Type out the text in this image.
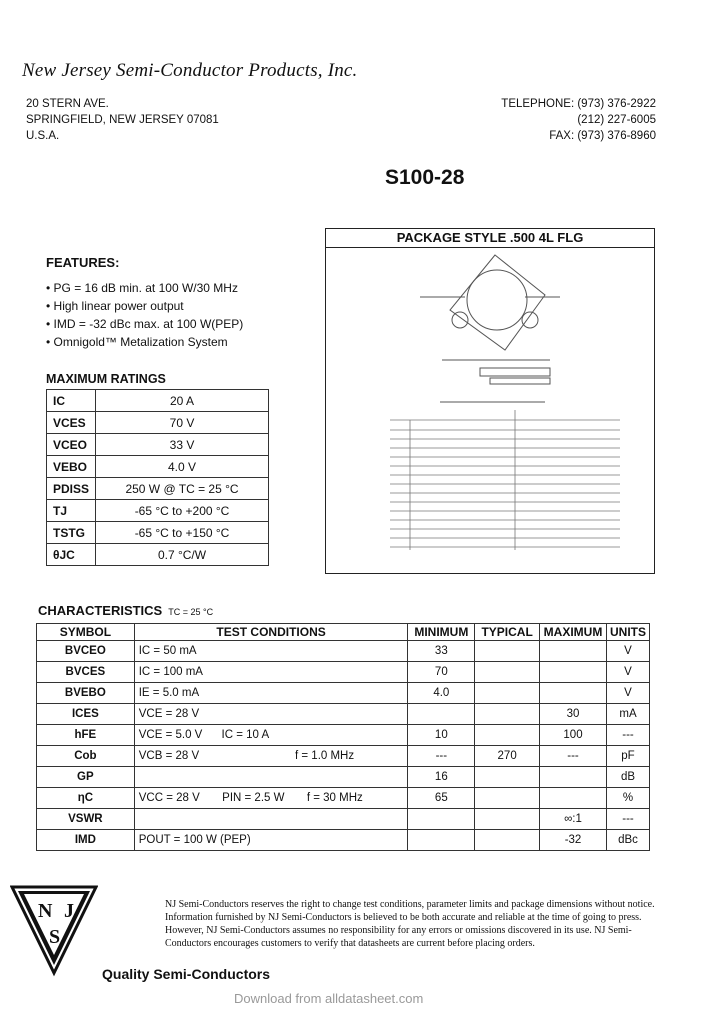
New Jersey Semi-Conductor Products, Inc.
20 STERN AVE.
SPRINGFIELD, NEW JERSEY 07081
U.S.A.
TELEPHONE: (973) 376-2922
(212) 227-6005
FAX: (973) 376-8960
S100-28
PACKAGE STYLE .500 4L FLG
FEATURES:
• PG = 16 dB min. at 100 W/30 MHz
• High linear power output
• IMD = -32 dBc max. at 100 W(PEP)
• Omnigold™ Metalization System
MAXIMUM RATINGS
IC	20 A
VCES	70 V
VCEO	33 V
VEBO	4.0 V
PDISS	250 W @ TC = 25 °C
TJ	-65 °C to +200 °C
TSTG	-65 °C to +150 °C
θJC	0.7 °C/W
CHARACTERISTICS TC = 25 °C
SYMBOL	TEST CONDITIONS	MINIMUM	TYPICAL	MAXIMUM	UNITS
BVCEO	IC = 50 mA	33			V
BVCES	IC = 100 mA	70			V
BVEBO	IE = 5.0 mA	4.0			V
ICES	VCE = 28 V			30	mA
hFE	VCE = 5.0 V      IC = 10 A	10		100	---
Cob	VCB = 28 V                              f = 1.0 MHz	---	270	---	pF
GP		16			dB
ηC	VCC = 28 V       PIN = 2.5 W       f = 30 MHz	65			%
VSWR				∞:1	---
IMD	POUT = 100 W (PEP)			-32	dBc
N J
S
NJ Semi-Conductors reserves the right to change test conditions, parameter limits and package dimensions without notice. Information furnished by NJ Semi-Conductors is believed to be both accurate and reliable at the time of going to press. However, NJ Semi-Conductors assumes no responsibility for any errors or omissions discovered in its use. NJ Semi-Conductors encourages customers to verify that datasheets are current before placing orders.
Quality Semi-Conductors
Download from alldatasheet.com
